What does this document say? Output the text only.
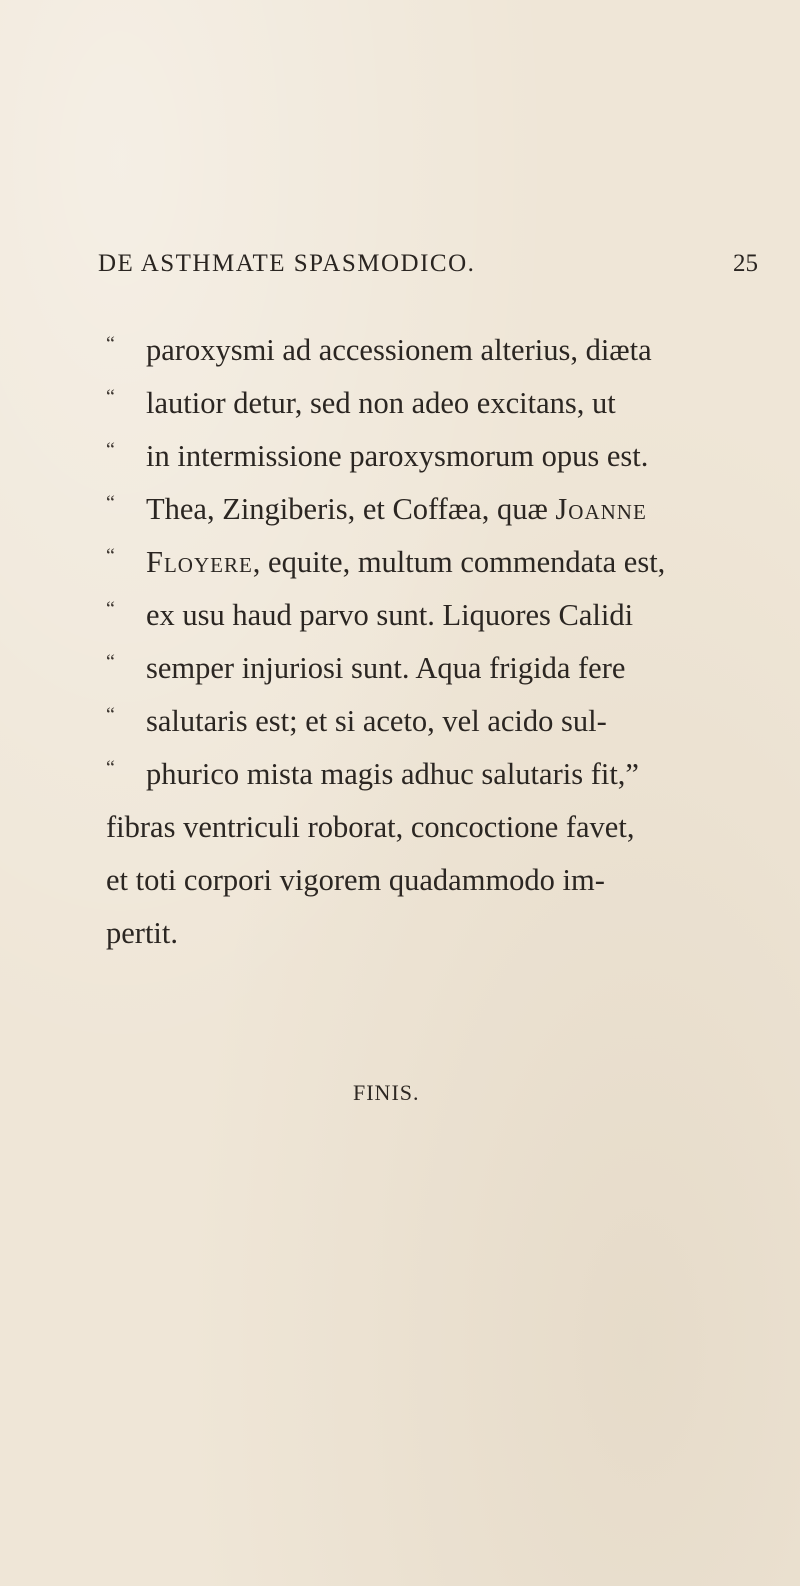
DE ASTHMATE SPASMODICO.	25
“ paroxysmi ad accessionem alterius, diæta
“ lautior detur, sed non adeo excitans, ut
“ in intermissione paroxysmorum opus est.
“ Thea, Zingiberis, et Coffæa, quæ Joanne
“ Floyere, equite, multum commendata est,
“ ex usu haud parvo sunt. Liquores Calidi
“ semper injuriosi sunt. Aqua frigida fere
“ salutaris est; et si aceto, vel acido sul-
“ phurico mista magis adhuc salutaris fit,”
fibras ventriculi roborat, concoctione favet,
et toti corpori vigorem quadammodo im-
pertit.
FINIS.
